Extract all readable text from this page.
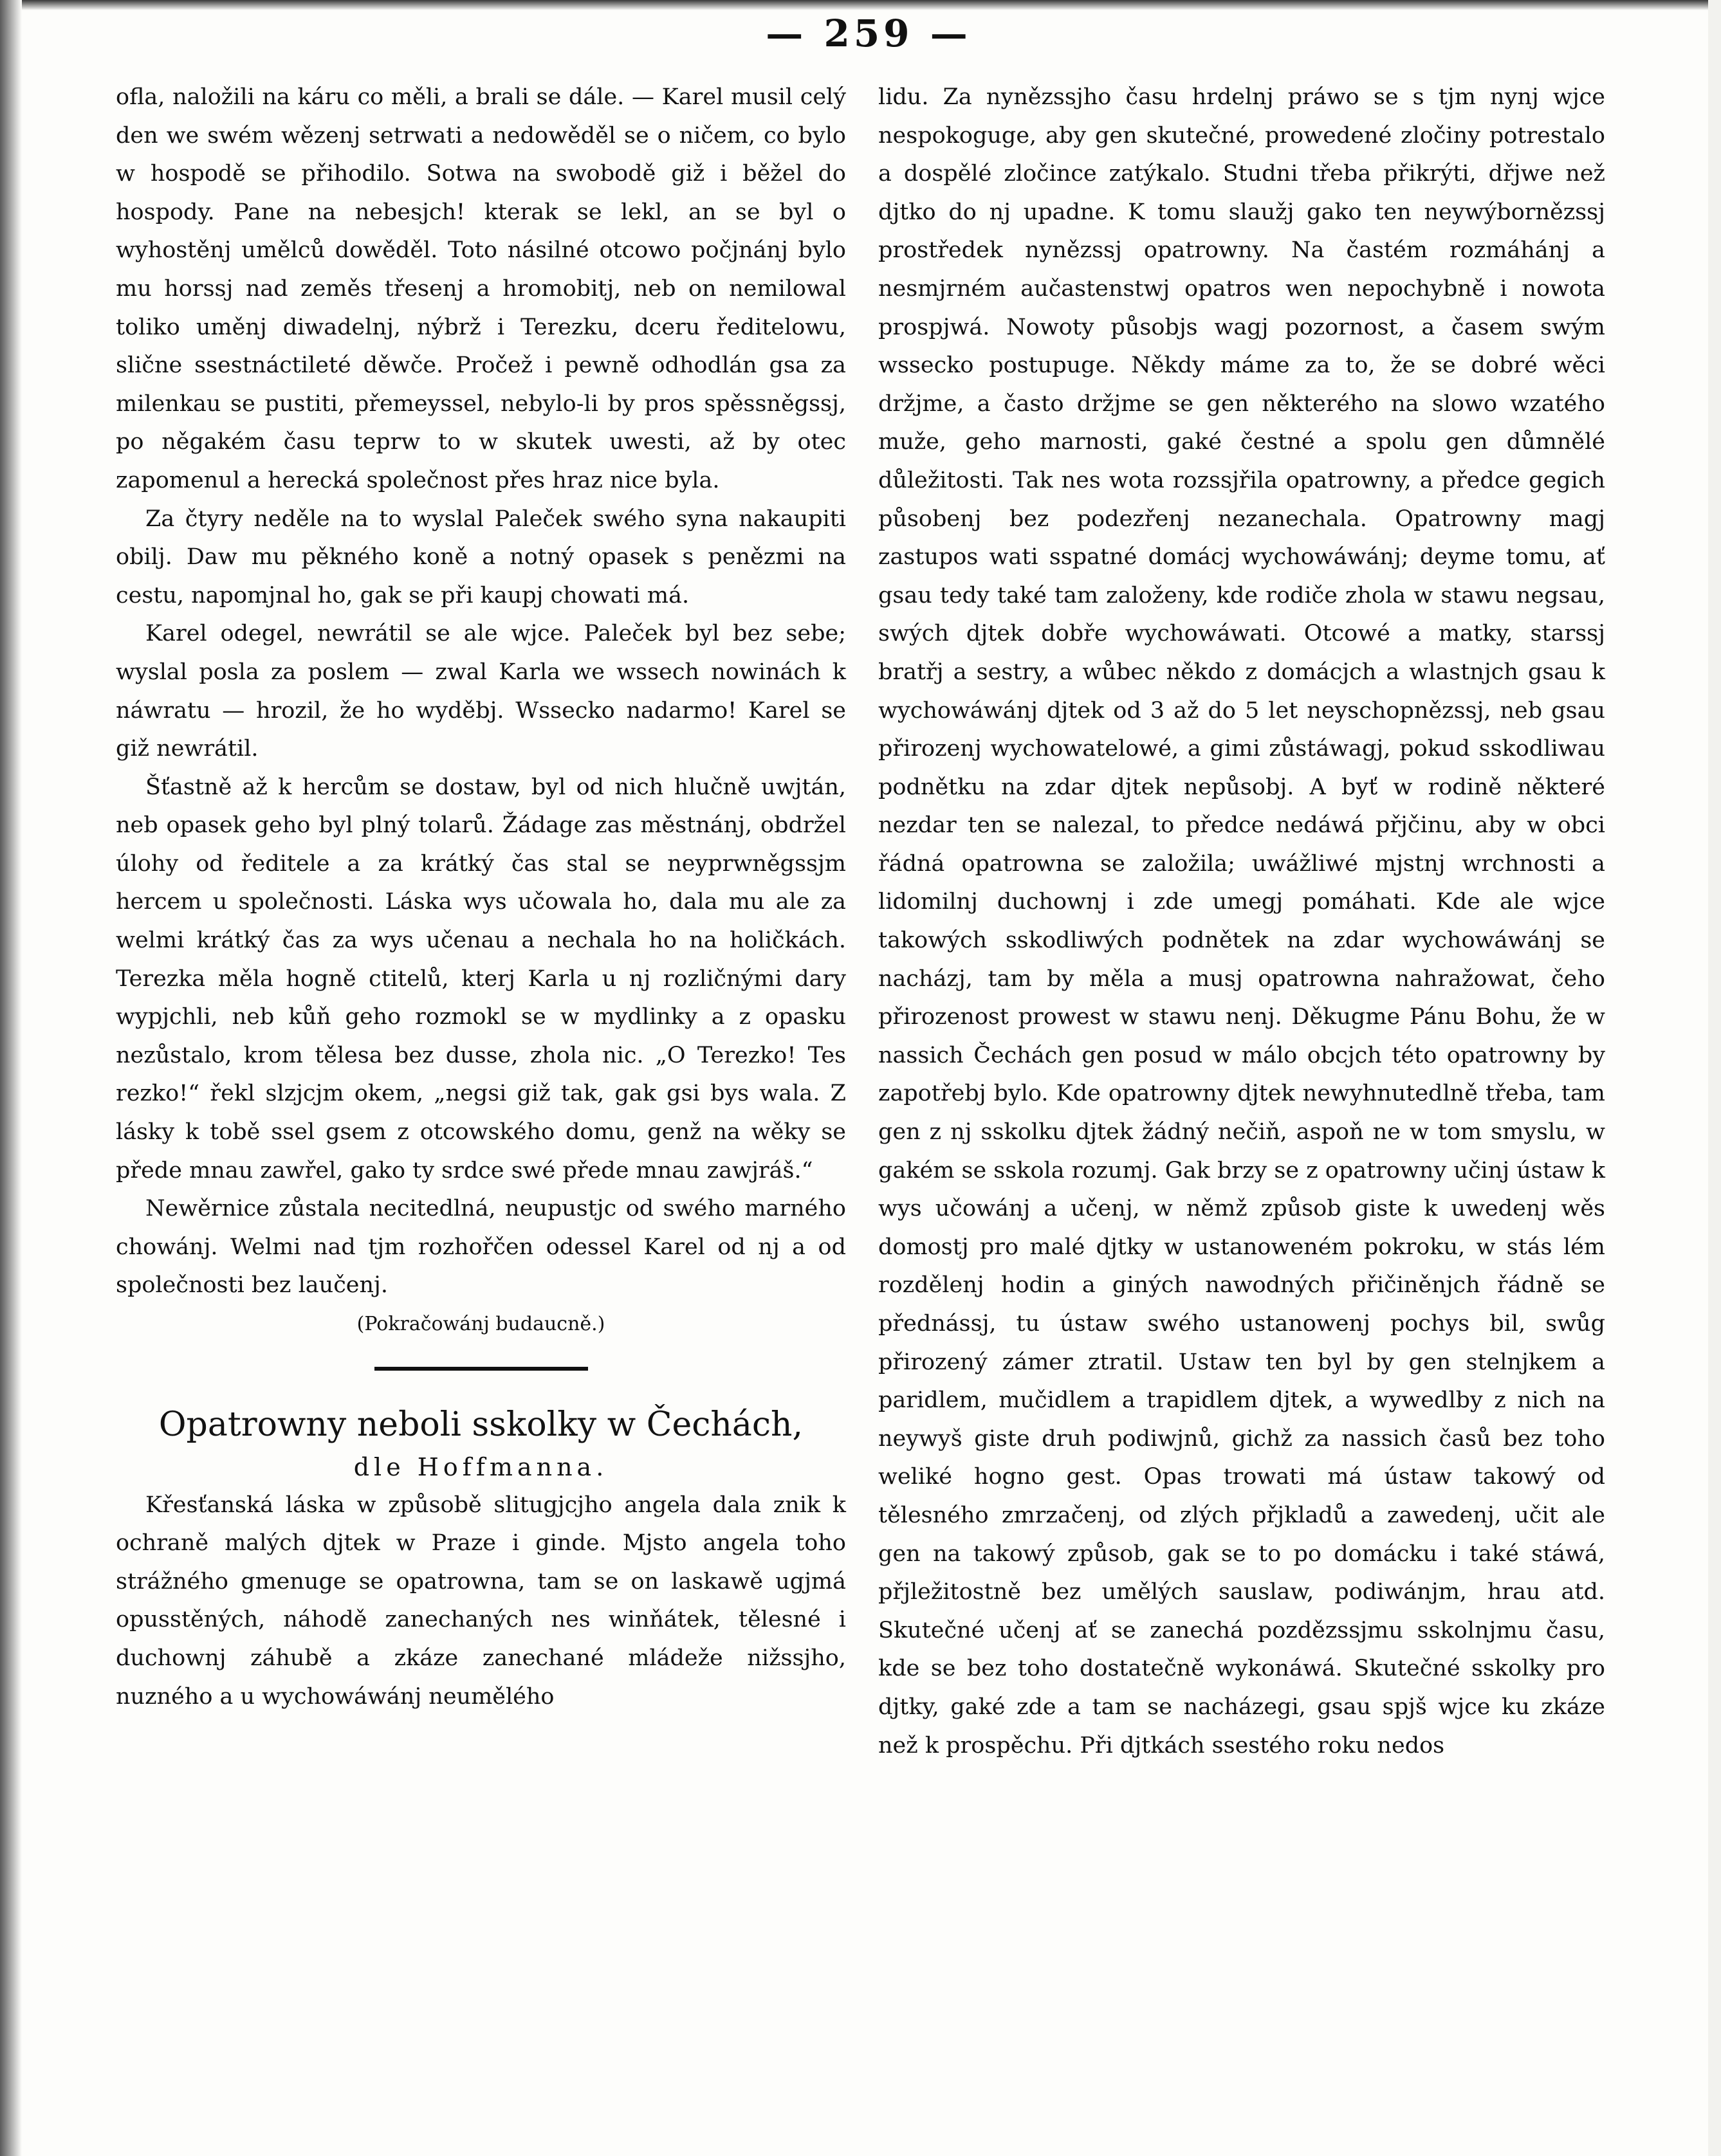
— 259 —

ofla, naložili na káru co měli, a brali se dále. — Karel musil celý den we swém wězenj setrwati a nedowěděl se o ničem, co bylo w hospodě se přihodilo. Sotwa na swobodě giž i běžel do hospody. Pane na nebesjch! kterak se lekl, an se byl o wyhostěnj umělců dowěděl. Toto násilné otcowo počjnánj bylo mu horssj nad zeměs třesenj a hromobitj, neb on nemilowal toliko uměnj diwadelnj, nýbrž i Terezku, dceru ředitelowu, slične ssestnáctileté děwče. Pročež i pewně odhodlán gsa za milenkau se pustiti, přemeyssel, nebylo-li by pros spěssněgssj, po něgakém času teprw to w skutek uwesti, až by otec zapomenul a herecká společnost přes hraz nice byla.

Za čtyry neděle na to wyslal Paleček swého syna nakaupiti obilj. Daw mu pěkného koně a notný opasek s penězmi na cestu, napomjnal ho, gak se při kaupj chowati má.

Karel odegel, newrátil se ale wjce. Paleček byl bez sebe; wyslal posla za poslem — zwal Karla we wssech nowinách k náwratu — hrozil, že ho wyděbj. Wssecko nadarmo! Karel se giž newrátil.

Šťastně až k hercům se dostaw, byl od nich hlučně uwjtán, neb opasek geho byl plný tolarů. Žádage zas městnánj, obdržel úlohy od ředitele a za krátký čas stal se neyprwněgssjm hercem u společnosti. Láska wys učowala ho, dala mu ale za welmi krátký čas za wys učenau a nechala ho na holičkách. Terezka měla hogně ctitelů, kterj Karla u nj rozličnými dary wypjchli, neb kůň geho rozmokl se w mydlinky a z opasku nezůstalo, krom tělesa bez dusse, zhola nic. „O Terezko! Tes rezko!“ řekl slzjcjm okem, „negsi giž tak, gak gsi bys wala. Z lásky k tobě ssel gsem z otcowského domu, genž na wěky se přede mnau zawřel, gako ty srdce swé přede mnau zawjráš.“

Newěrnice zůstala necitedlná, neupustjc od swého marného chowánj. Welmi nad tjm rozhořčen odessel Karel od nj a od společnosti bez laučenj.

(Pokračowánj budaucně.)

Opatrowny neboli sskolky w Čechách,

dle Hoffmanna.

Křesťanská láska w způsobě slitugjcjho angela dala znik k ochraně malých djtek w Praze i ginde. Mjsto angela toho strážného gmenuge se opatrowna, tam se on laskawě ugjmá opusstěných, náhodě zanechaných nes winňátek, tělesné i duchownj záhubě a zkáze zanechané mládeže nižssjho, nuzného a u wychowáwánj neumělého

lidu. Za nynězssjho času hrdelnj práwo se s tjm nynj wjce nespokoguge, aby gen skutečné, prowedené zločiny potrestalo a dospělé zločince zatýkalo. Studni třeba přikrýti, dřjwe než djtko do nj upadne. K tomu slaužj gako ten neywýbornězssj prostředek nynězssj opatrowny. Na častém rozmáhánj a nesmjrném aučastenstwj opatros wen nepochybně i nowota prospjwá. Nowoty působjs wagj pozornost, a časem swým wssecko postupuge. Někdy máme za to, že se dobré wěci držjme, a často držjme se gen některého na slowo wzatého muže, geho marnosti, gaké čestné a spolu gen důmnělé důležitosti. Tak nes wota rozssjřila opatrowny, a předce gegich působenj bez podezřenj nezanechala. Opatrowny magj zastupos wati sspatné domácj wychowáwánj; deyme tomu, ať gsau tedy také tam založeny, kde rodiče zhola w stawu negsau, swých djtek dobře wychowáwati. Otcowé a matky, starssj bratřj a sestry, a wůbec někdo z domácjch a wlastnjch gsau k wychowáwánj djtek od 3 až do 5 let neyschopnězssj, neb gsau přirozenj wychowatelowé, a gimi zůstáwagj, pokud sskodliwau podnětku na zdar djtek nepůsobj. A byť w rodině některé nezdar ten se nalezal, to předce nedáwá přjčinu, aby w obci řádná opatrowna se založila; uwážliwé mjstnj wrchnosti a lidomilnj duchownj i zde umegj pomáhati. Kde ale wjce takowých sskodliwých podnětek na zdar wychowáwánj se nacházj, tam by měla a musj opatrowna nahražowat, čeho přirozenost prowest w stawu nenj. Děkugme Pánu Bohu, že w nassich Čechách gen posud w málo obcjch této opatrowny by zapotřebj bylo. Kde opatrowny djtek newyhnutedlně třeba, tam gen z nj sskolku djtek žádný nečiň, aspoň ne w tom smyslu, w gakém se sskola rozumj. Gak brzy se z opatrowny učinj ústaw k wys učowánj a učenj, w němž způsob giste k uwedenj wěs domostj pro malé djtky w ustanoweném pokroku, w stás lém rozdělenj hodin a giných nawodných přičiněnjch řádně se přednássj, tu ústaw swého ustanowenj pochys bil, swůg přirozený zámer ztratil. Ustaw ten byl by gen stelnjkem a paridlem, mučidlem a trapidlem djtek, a wywedlby z nich na neywyš giste druh podiwjnů, gichž za nassich časů bez toho weliké hogno gest. Opas trowati má ústaw takowý od tělesného zmrzačenj, od zlých přjkladů a zawedenj, učit ale gen na takowý způsob, gak se to po domácku i také stáwá, přjležitostně bez umělých sauslaw, podiwánjm, hrau atd. Skutečné učenj ať se zanechá pozdězssjmu sskolnjmu času, kde se bez toho dostatečně wykonáwá. Skutečné sskolky pro djtky, gaké zde a tam se nacházegi, gsau spjš wjce ku zkáze než k prospěchu. Při djtkách ssestého roku nedos
